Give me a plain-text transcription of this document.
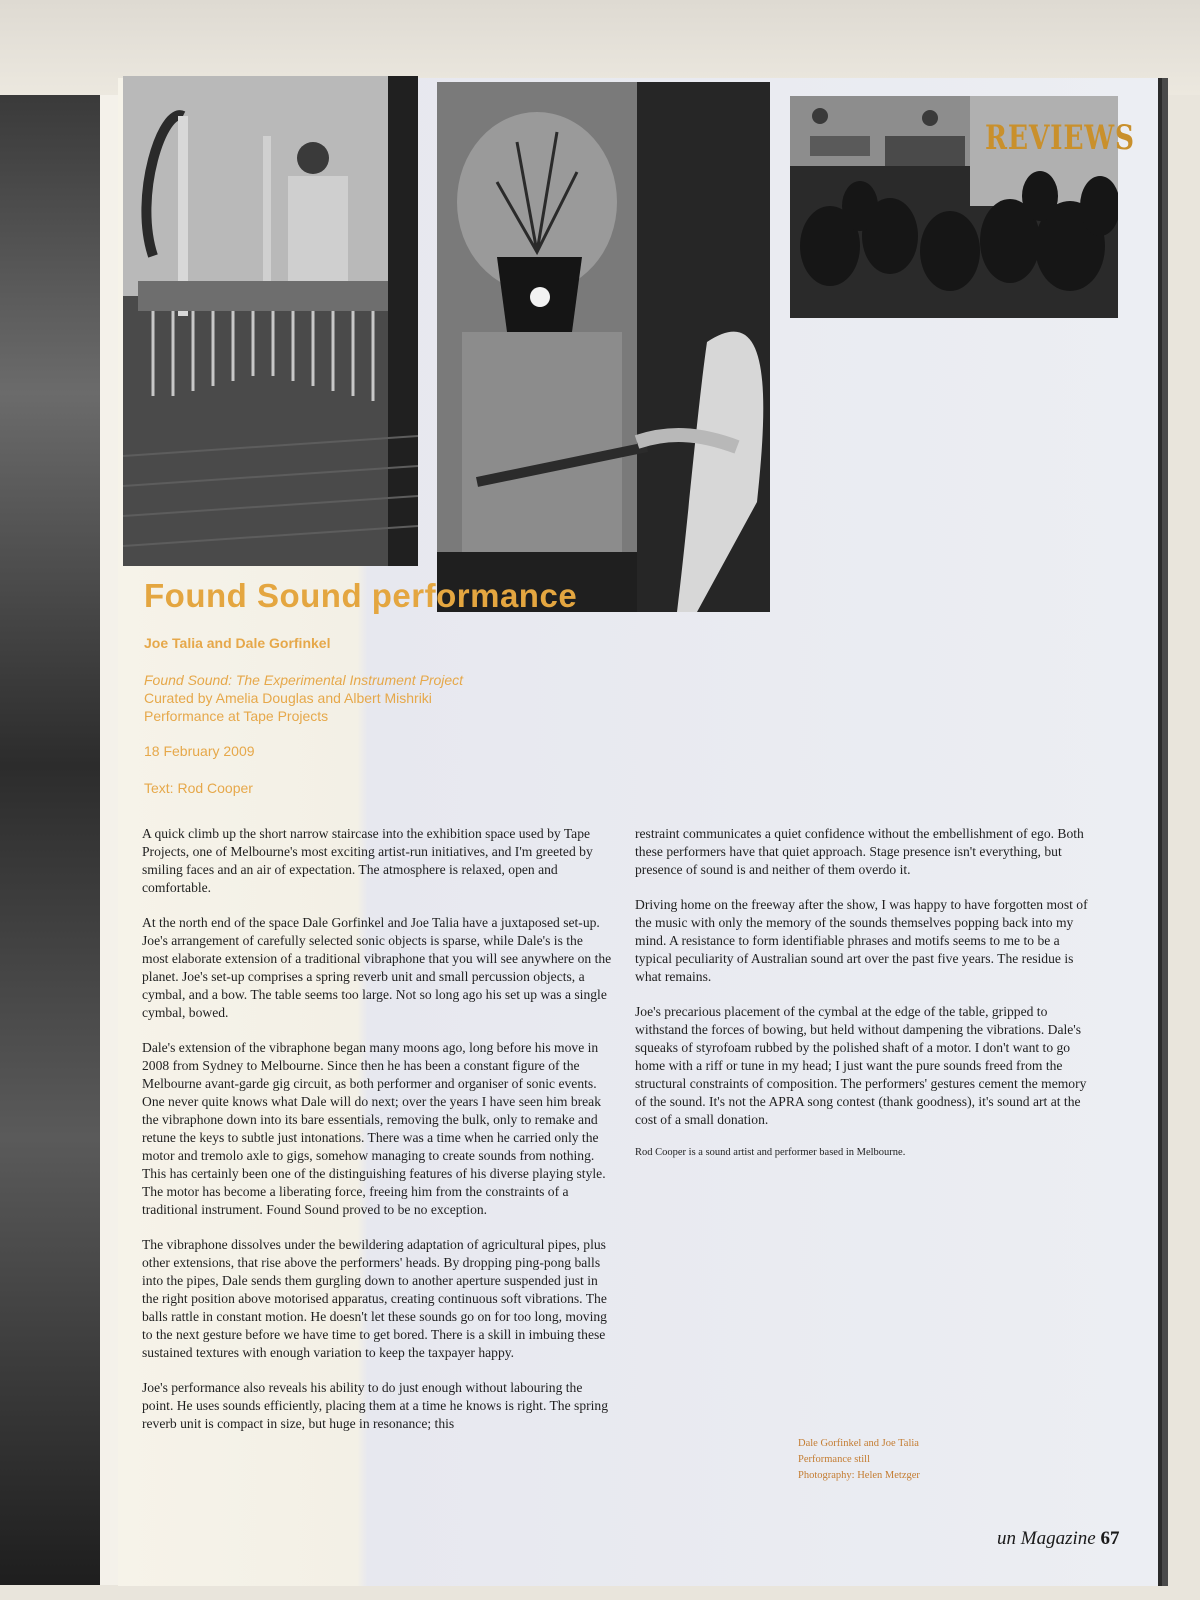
REVIEWS
Found Sound performance
Joe Talia and Dale Gorfinkel
Found Sound: The Experimental Instrument Project
Curated by Amelia Douglas and Albert Mishriki
Performance at Tape Projects
18 February 2009
Text: Rod Cooper

A quick climb up the short narrow staircase into the exhibition space used by Tape Projects, one of Melbourne's most exciting artist-run initiatives, and I'm greeted by smiling faces and an air of expectation. The atmosphere is relaxed, open and comfortable.

At the north end of the space Dale Gorfinkel and Joe Talia have a juxtaposed set-up. Joe's arrangement of carefully selected sonic objects is sparse, while Dale's is the most elaborate extension of a traditional vibraphone that you will see anywhere on the planet. Joe's set-up comprises a spring reverb unit and small percussion objects, a cymbal, and a bow. The table seems too large. Not so long ago his set up was a single cymbal, bowed.

Dale's extension of the vibraphone began many moons ago, long before his move in 2008 from Sydney to Melbourne. Since then he has been a constant figure of the Melbourne avant-garde gig circuit, as both performer and organiser of sonic events. One never quite knows what Dale will do next; over the years I have seen him break the vibraphone down into its bare essentials, removing the bulk, only to remake and retune the keys to subtle just intonations. There was a time when he carried only the motor and tremolo axle to gigs, somehow managing to create sounds from nothing. This has certainly been one of the distinguishing features of his diverse playing style. The motor has become a liberating force, freeing him from the constraints of a traditional instrument. Found Sound proved to be no exception.

The vibraphone dissolves under the bewildering adaptation of agricultural pipes, plus other extensions, that rise above the performers' heads. By dropping ping-pong balls into the pipes, Dale sends them gurgling down to another aperture suspended just in the right position above motorised apparatus, creating continuous soft vibrations. The balls rattle in constant motion. He doesn't let these sounds go on for too long, moving to the next gesture before we have time to get bored. There is a skill in imbuing these sustained textures with enough variation to keep the taxpayer happy.

Joe's performance also reveals his ability to do just enough without labouring the point. He uses sounds efficiently, placing them at a time he knows is right. The spring reverb unit is compact in size, but huge in resonance; this

restraint communicates a quiet confidence without the embellishment of ego. Both these performers have that quiet approach. Stage presence isn't everything, but presence of sound is and neither of them overdo it.

Driving home on the freeway after the show, I was happy to have forgotten most of the music with only the memory of the sounds themselves popping back into my mind. A resistance to form identifiable phrases and motifs seems to me to be a typical peculiarity of Australian sound art over the past five years. The residue is what remains.

Joe's precarious placement of the cymbal at the edge of the table, gripped to withstand the forces of bowing, but held without dampening the vibrations. Dale's squeaks of styrofoam rubbed by the polished shaft of a motor. I don't want to go home with a riff or tune in my head; I just want the pure sounds freed from the structural constraints of composition. The performers' gestures cement the memory of the sound. It's not the APRA song contest (thank goodness), it's sound art at the cost of a small donation.

Rod Cooper is a sound artist and performer based in Melbourne.
Dale Gorfinkel and Joe Talia
Performance still
Photography: Helen Metzger
un Magazine 67
